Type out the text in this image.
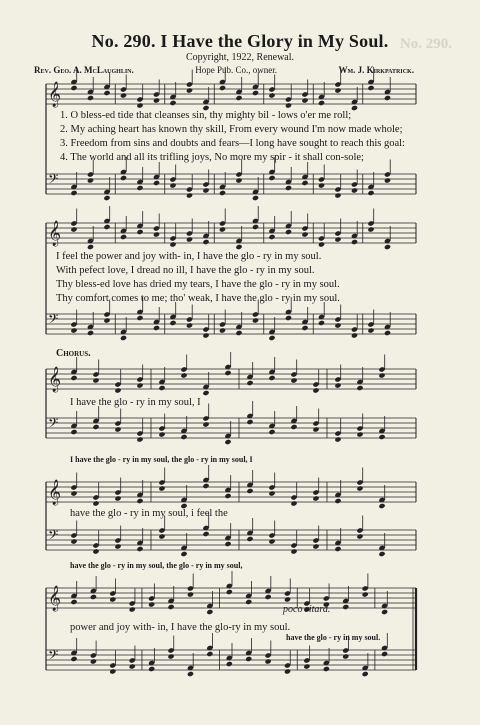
No. 290.
No. 290. I Have the Glory in My Soul.
Copyright, 1922, Renewal.
Rev. Geo. A. McLaughlin.	Hope Pub. Co., owner.	Wm. J. Kirkpatrick.
𝄞
𝄢
𝄞
𝄢
𝄞
𝄢
𝄞
𝄢
𝄞
𝄢
1. O bless-ed tide that cleanses sin, thy mighty bil - lows o'er me roll;
2. My aching heart has known thy skill, From every wound I'm now made whole;
3. Freedom from sins and doubts and fears—I long have sought to reach this goal:
4. The world and all its trifling joys, No more my spir - it shall con-sole;
I feel the power and joy with- in, I have the glo - ry in my soul.
With pefect love, I dread no ill, I have the glo - ry in my soul.
Thy bless-ed love has dried my tears, I have the glo - ry in my soul.
Thy comfort comes to me; tho' weak, I have the glo - ry in my soul.
Chorus.
I have the glo - ry in my soul, I
I have the glo - ry in my soul, the glo - ry in my soul, I
have the glo - ry in my soul, i feel the
have the glo - ry in my soul, the glo - ry in my soul,
poco ritard.
power and joy with- in, I have the glo-ry in my soul.
have the glo - ry in my soul.
